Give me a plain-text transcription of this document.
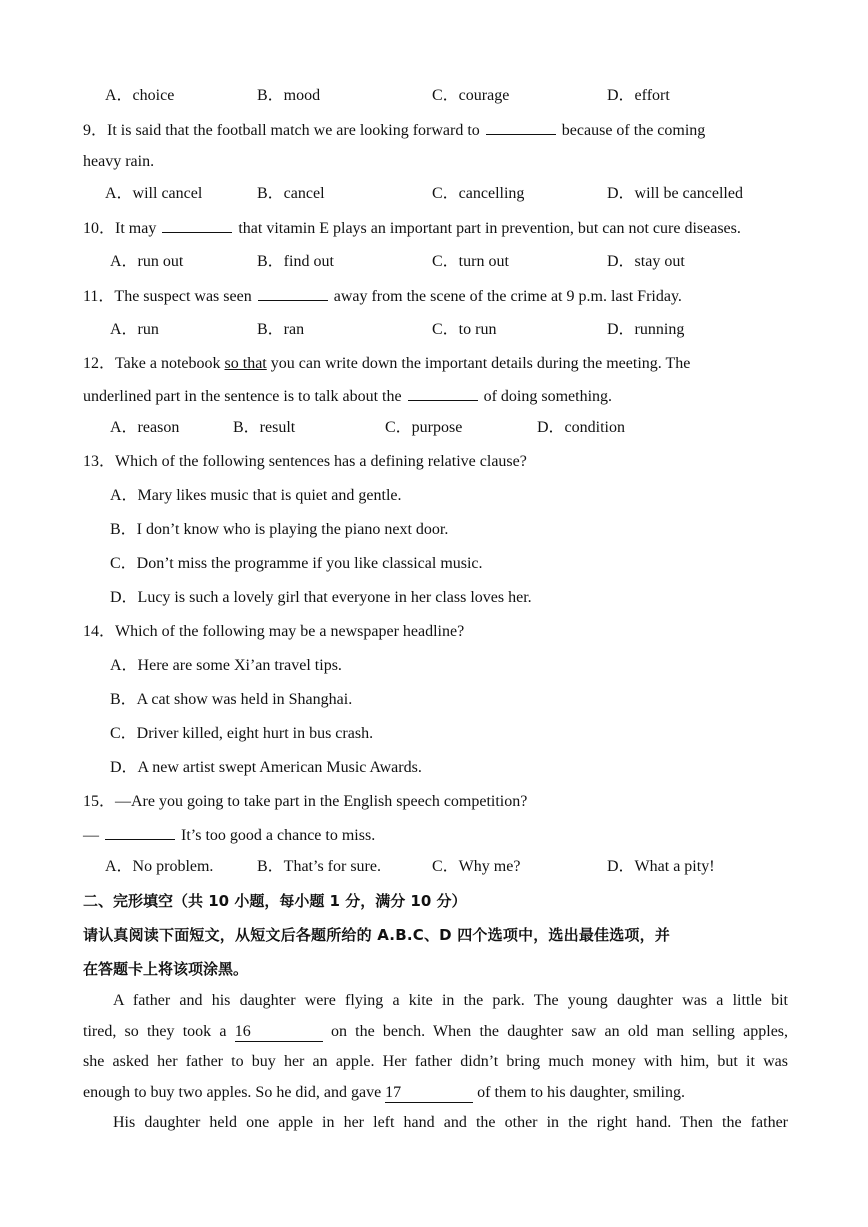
A．choice	B．mood	C．courage	D．effort
9．It is said that the football match we are looking forward to	because of the coming
heavy rain.
A．will cancel	B．cancel	C．cancelling	D．will be cancelled
10．It may	that vitamin E plays an important part in prevention, but can not cure diseases.
A．run out	B．find out	C．turn out	D．stay out
11．The suspect was seen	away from the scene of the crime at 9 p.m. last Friday.
A．run	B．ran	C．to run	D．running
12．Take a notebook so that you can write down the important details during the meeting. The
underlined part in the sentence is to talk about the	of doing something.
A．reason	B．result	C．purpose	D．condition
13．Which of the following sentences has a defining relative clause?
A．Mary likes music that is quiet and gentle.
B．I don’t know who is playing the piano next door.
C．Don’t miss the programme if you like classical music.
D．Lucy is such a lovely girl that everyone in her class loves her.
14．Which of the following may be a newspaper headline?
A．Here are some Xi’an travel tips.
B．A cat show was held in Shanghai.
C．Driver killed, eight hurt in bus crash.
D．A new artist swept American Music Awards.
15．—Are you going to take part in the English speech competition?
—	It’s too good a chance to miss.
A．No problem.	B．That’s for sure.	C．Why me?	D．What a pity!
二、完形填空（共 10 小题，每小题 1 分，满分 10 分）
请认真阅读下面短文，从短文后各题所给的 A.B.C、D 四个选项中，选出最佳选项，并
在答题卡上将该项涂黑。
A father and his daughter were flying a kite in the park. The young daughter was a little bit
tired, so they took a 16	on the bench. When the daughter saw an old man selling apples,
she asked her father to buy her an apple. Her father didn’t bring much money with him, but it was
enough to buy two apples. So he did, and gave 17	of them to his daughter, smiling.
His daughter held one apple in her left hand and the other in the right hand. Then the father
